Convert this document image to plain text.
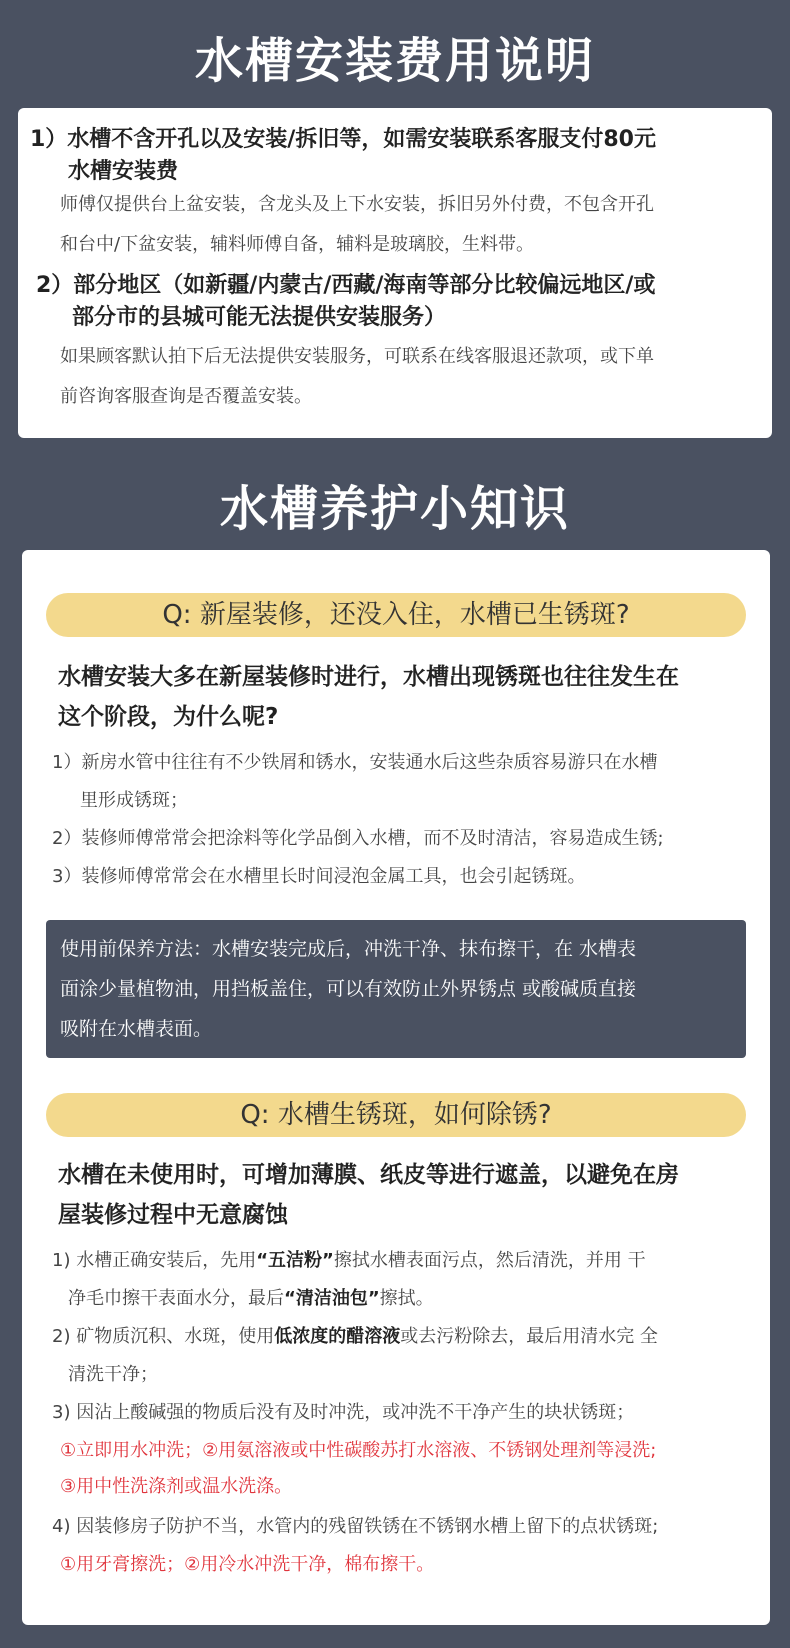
水槽安装费用说明
1）水槽不含开孔以及安装/拆旧等，如需安装联系客服支付80元
水槽安装费
师傅仅提供台上盆安装，含龙头及上下水安装，拆旧另外付费，不包含开孔
和台中/下盆安装，辅料师傅自备，辅料是玻璃胶，生料带。
2）部分地区（如新疆/内蒙古/西藏/海南等部分比较偏远地区/或
部分市的县城可能无法提供安装服务）
如果顾客默认拍下后无法提供安装服务，可联系在线客服退还款项，或下单
前咨询客服查询是否覆盖安装。
水槽养护小知识
Q: 新屋装修，还没入住，水槽已生锈斑?
水槽安装大多在新屋装修时进行，水槽出现锈斑也往往发生在
这个阶段，为什么呢?
1）新房水管中往往有不少铁屑和锈水，安装通水后这些杂质容易游只在水槽
里形成锈斑；
2）装修师傅常常会把涂料等化学品倒入水槽，而不及时清洁，容易造成生锈;
3）装修师傅常常会在水槽里长时间浸泡金属工具，也会引起锈斑。
使用前保养方法：水槽安装完成后，冲洗干净、抹布擦干，在 水槽表
面涂少量植物油，用挡板盖住，可以有效防止外界锈点 或酸碱质直接
吸附在水槽表面。
Q: 水槽生锈斑，如何除锈?
水槽在未使用时，可增加薄膜、纸皮等进行遮盖，以避免在房
屋装修过程中无意腐蚀
1) 水槽正确安装后，先用“五洁粉”擦拭水槽表面污点，然后清洗，并用 干
净毛巾擦干表面水分，最后“清洁油包”擦拭。
2) 矿物质沉积、水斑，使用低浓度的醋溶液或去污粉除去，最后用清水完 全
清洗干净；
3) 因沾上酸碱强的物质后没有及时冲洗，或冲洗不干净产生的块状锈斑；
①立即用水冲洗；②用氨溶液或中性碳酸苏打水溶液、不锈钢处理剂等浸洗;
③用中性洗涤剂或温水洗涤。
4) 因装修房子防护不当，水管内的残留铁锈在不锈钢水槽上留下的点状锈斑;
①用牙膏擦洗；②用冷水冲洗干净，棉布擦干。
